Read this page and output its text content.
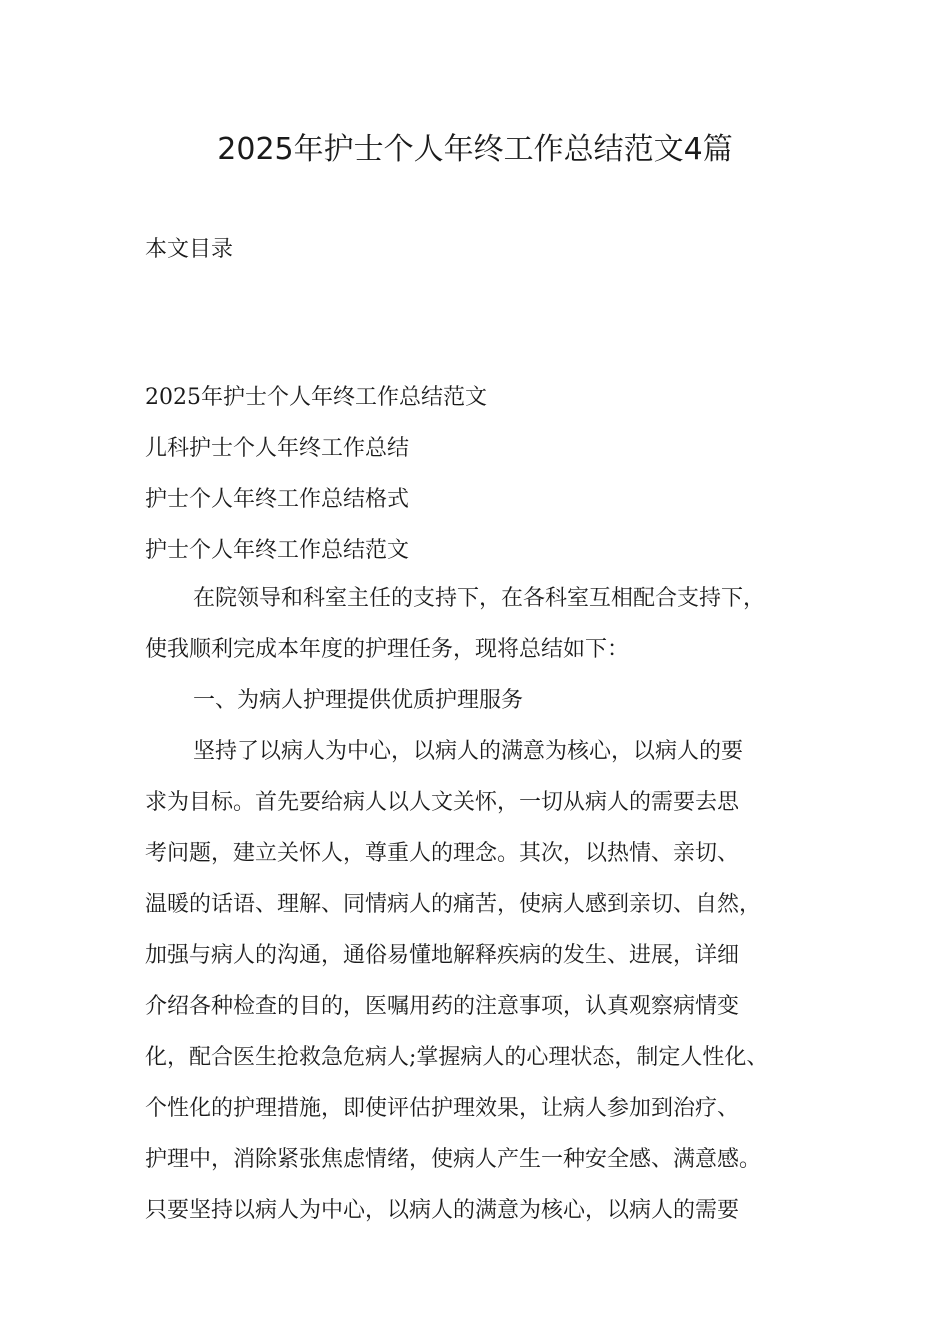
2025年护士个人年终工作总结范文4篇
本文目录
2025年护士个人年终工作总结范文
儿科护士个人年终工作总结
护士个人年终工作总结格式
护士个人年终工作总结范文
在院领导和科室主任的支持下，在各科室互相配合支持下，
使我顺利完成本年度的护理任务，现将总结如下：
一、为病人护理提供优质护理服务
坚持了以病人为中心，以病人的满意为核心，以病人的要
求为目标。首先要给病人以人文关怀，一切从病人的需要去思
考问题，建立关怀人，尊重人的理念。其次，以热情、亲切、
温暖的话语、理解、同情病人的痛苦，使病人感到亲切、自然，
加强与病人的沟通，通俗易懂地解释疾病的发生、进展，详细
介绍各种检查的目的，医嘱用药的注意事项，认真观察病情变
化，配合医生抢救急危病人;掌握病人的心理状态，制定人性化、
个性化的护理措施，即使评估护理效果，让病人参加到治疗、
护理中，消除紧张焦虑情绪，使病人产生一种安全感、满意感。
只要坚持以病人为中心，以病人的满意为核心，以病人的需要
